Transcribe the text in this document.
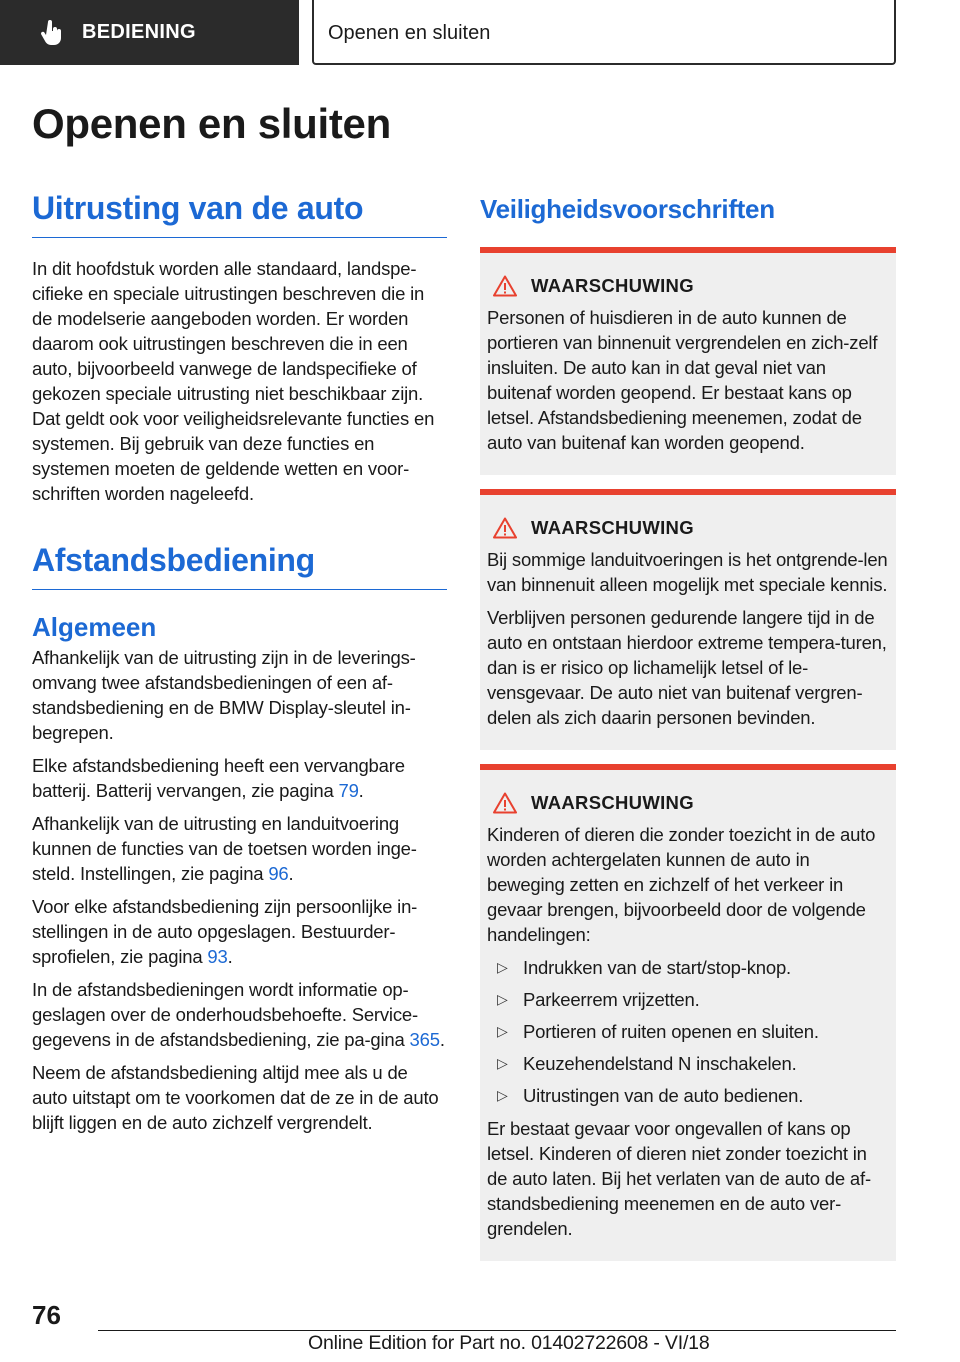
BEDIENING	Openen en sluiten
Openen en sluiten
Uitrusting van de auto

In dit hoofdstuk worden alle standaard, landspe-cifieke en speciale uitrustingen beschreven die in de modelserie aangeboden worden. Er worden daarom ook uitrustingen beschreven die in een auto, bijvoorbeeld vanwege de landspecifieke of gekozen speciale uitrusting niet beschikbaar zijn. Dat geldt ook voor veiligheidsrelevante functies en systemen. Bij gebruik van deze functies en systemen moeten de geldende wetten en voor-schriften worden nageleefd.

Afstandsbediening
Algemeen

Afhankelijk van de uitrusting zijn in de leverings-omvang twee afstandsbedieningen of een af-standsbediening en de BMW Display-sleutel in-begrepen.

Elke afstandsbediening heeft een vervangbare batterij. Batterij vervangen, zie pagina 79.

Afhankelijk van de uitrusting en landuitvoering kunnen de functies van de toetsen worden inge-steld. Instellingen, zie pagina 96.

Voor elke afstandsbediening zijn persoonlijke in-stellingen in de auto opgeslagen. Bestuurder-sprofielen, zie pagina 93.

In de afstandsbedieningen wordt informatie op-geslagen over de onderhoudsbehoefte. Service-gegevens in de afstandsbediening, zie pa-gina 365.

Neem de afstandsbediening altijd mee als u de auto uitstapt om te voorkomen dat de ze in de auto blijft liggen en de auto zichzelf vergrendelt.

Veiligheidsvoorschriften
WAARSCHUWING

Personen of huisdieren in de auto kunnen de portieren van binnenuit vergrendelen en zich-zelf insluiten. De auto kan in dat geval niet van buitenaf worden geopend. Er bestaat kans op letsel. Afstandsbediening meenemen, zodat de auto van buitenaf kan worden geopend.

WAARSCHUWING

Bij sommige landuitvoeringen is het ontgrende-len van binnenuit alleen mogelijk met speciale kennis.

Verblijven personen gedurende langere tijd in de auto en ontstaan hierdoor extreme tempera-turen, dan is er risico op lichamelijk letsel of le-vensgevaar. De auto niet van buitenaf vergren-delen als zich daarin personen bevinden.

WAARSCHUWING

Kinderen of dieren die zonder toezicht in de auto worden achtergelaten kunnen de auto in beweging zetten en zichzelf of het verkeer in gevaar brengen, bijvoorbeeld door de volgende handelingen:

▷ Indrukken van de start/stop-knop.
▷ Parkeerrem vrijzetten.
▷ Portieren of ruiten openen en sluiten.
▷ Keuzehendelstand N inschakelen.
▷ Uitrustingen van de auto bedienen.

Er bestaat gevaar voor ongevallen of kans op letsel. Kinderen of dieren niet zonder toezicht in de auto laten. Bij het verlaten van de auto de af-standsbediening meenemen en de auto ver-grendelen.

76
Online Edition for Part no. 01402722608 - VI/18
